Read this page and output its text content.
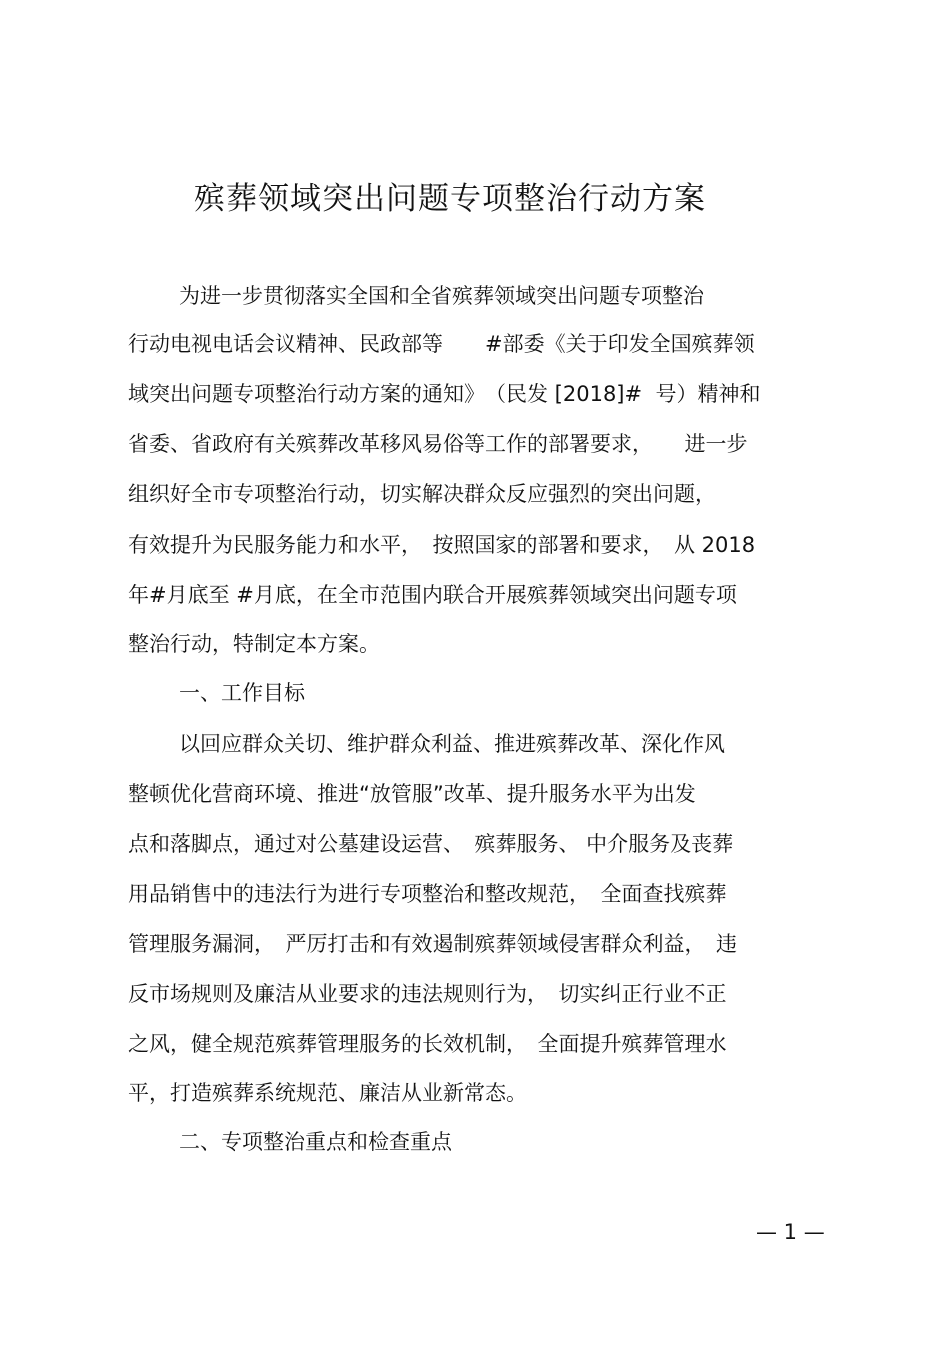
殡葬领域突出问题专项整治行动方案
为进一步贯彻落实全国和全省殡葬领域突出问题专项整治
行动电视电话会议精神、民政部等　　#部委《关于印发全国殡葬领
域突出问题专项整治行动方案的通知》　（民发 [2018]#  号）精神和
省委、省政府有关殡葬改革移风易俗等工作的部署要求，　　进一步
组织好全市专项整治行动，切实解决群众反应强烈的突出问题，
有效提升为民服务能力和水平，　按照国家的部署和要求，　从 2018
年#月底至 #月底，在全市范围内联合开展殡葬领域突出问题专项
整治行动，特制定本方案。
一、工作目标
以回应群众关切、维护群众利益、推进殡葬改革、深化作风
整顿优化营商环境、推进“放管服”改革、提升服务水平为出发
点和落脚点，通过对公墓建设运营、　殡葬服务、 中介服务及丧葬
用品销售中的违法行为进行专项整治和整改规范，　全面查找殡葬
管理服务漏洞，　严厉打击和有效遏制殡葬领域侵害群众利益，　违
反市场规则及廉洁从业要求的违法规则行为，　切实纠正行业不正
之风，健全规范殡葬管理服务的长效机制，　全面提升殡葬管理水
平，打造殡葬系统规范、廉洁从业新常态。
二、专项整治重点和检查重点
— 1 —
